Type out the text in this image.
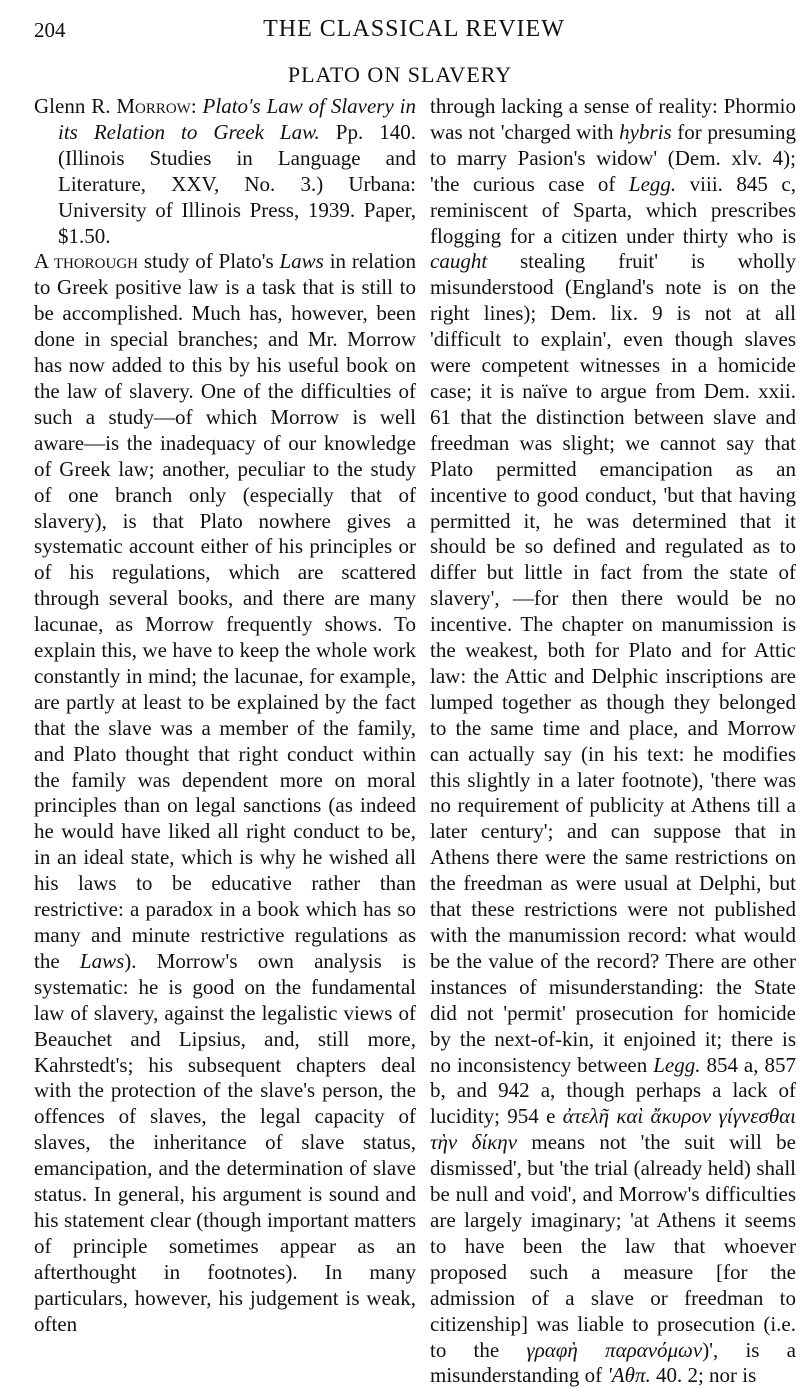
204	THE CLASSICAL REVIEW
PLATO ON SLAVERY

Glenn R. Morrow: Plato's Law of Slavery in its Relation to Greek Law. Pp. 140. (Illinois Studies in Language and Literature, XXV, No. 3.) Urbana: University of Illinois Press, 1939. Paper, $1.50.

A thorough study of Plato's Laws in relation to Greek positive law is a task that is still to be accomplished. Much has, however, been done in special branches; and Mr. Morrow has now added to this by his useful book on the law of slavery. One of the difficulties of such a study—of which Morrow is well aware—is the inadequacy of our knowledge of Greek law; another, peculiar to the study of one branch only (especially that of slavery), is that Plato nowhere gives a systematic account either of his principles or of his regulations, which are scattered through several books, and there are many lacunae, as Morrow frequently shows. To explain this, we have to keep the whole work constantly in mind; the lacunae, for example, are partly at least to be explained by the fact that the slave was a member of the family, and Plato thought that right conduct within the family was dependent more on moral principles than on legal sanctions (as indeed he would have liked all right conduct to be, in an ideal state, which is why he wished all his laws to be educative rather than restrictive: a paradox in a book which has so many and minute restrictive regulations as the Laws). Morrow's own analysis is systematic: he is good on the fundamental law of slavery, against the legalistic views of Beauchet and Lipsius, and, still more, Kahrstedt's; his subsequent chapters deal with the protection of the slave's person, the offences of slaves, the legal capacity of slaves, the inheritance of slave status, emancipation, and the determination of slave status. In general, his argument is sound and his statement clear (though important matters of principle sometimes appear as an afterthought in footnotes). In many particulars, however, his judgement is weak, often

through lacking a sense of reality: Phormio was not 'charged with hybris for presuming to marry Pasion's widow' (Dem. xlv. 4); 'the curious case of Legg. viii. 845 c, reminiscent of Sparta, which prescribes flogging for a citizen under thirty who is caught stealing fruit' is wholly misunderstood (England's note is on the right lines); Dem. lix. 9 is not at all 'difficult to explain', even though slaves were competent witnesses in a homicide case; it is naïve to argue from Dem. xxii. 61 that the distinction between slave and freedman was slight; we cannot say that Plato permitted emancipation as an incentive to good conduct, 'but that having permitted it, he was determined that it should be so defined and regulated as to differ but little in fact from the state of slavery', —for then there would be no incentive. The chapter on manumission is the weakest, both for Plato and for Attic law: the Attic and Delphic inscriptions are lumped together as though they belonged to the same time and place, and Morrow can actually say (in his text: he modifies this slightly in a later footnote), 'there was no requirement of publicity at Athens till a later century'; and can suppose that in Athens there were the same restrictions on the freedman as were usual at Delphi, but that these restrictions were not published with the manumission record: what would be the value of the record? There are other instances of misunderstanding: the State did not 'permit' prosecution for homicide by the next-of-kin, it enjoined it; there is no inconsistency between Legg. 854 a, 857 b, and 942 a, though perhaps a lack of lucidity; 954 e ἀτελῆ καὶ ἄκυρον γίγνεσθαι τὴν δίκην means not 'the suit will be dismissed', but 'the trial (already held) shall be null and void', and Morrow's difficulties are largely imaginary; 'at Athens it seems to have been the law that whoever proposed such a measure [for the admission of a slave or freedman to citizenship] was liable to prosecution (i.e. to the γραφὴ παρανόμων)', is a misunderstanding of 'Αθπ. 40. 2; nor is
